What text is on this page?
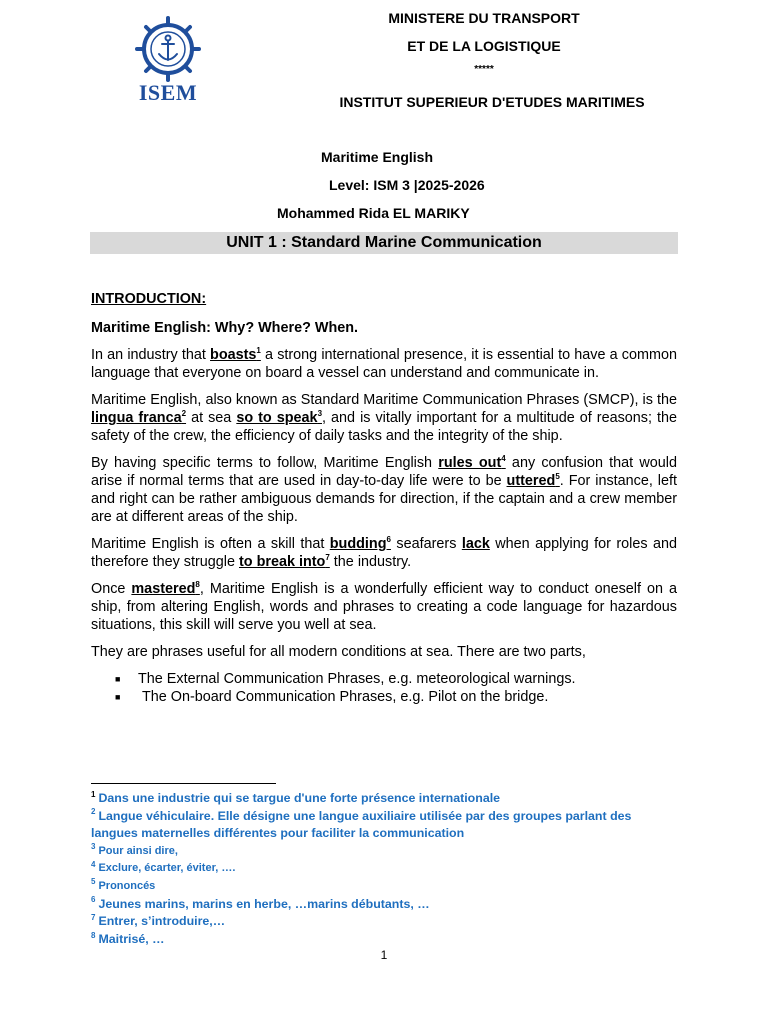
ISEM
MINISTERE DU TRANSPORT
ET DE LA LOGISTIQUE
*****
INSTITUT SUPERIEUR D'ETUDES MARITIMES
Maritime English
Level: ISM 3 |2025-2026
Mohammed Rida EL MARIKY
UNIT 1 : Standard Marine Communication

INTRODUCTION:

Maritime English: Why? Where? When.

In an industry that boasts$^1$ a strong international presence, it is essential to have a common language that everyone on board a vessel can understand and communicate in.

Maritime English, also known as Standard Maritime Communication Phrases (SMCP), is the lingua franca$^2$ at sea so to speak$^3$, and is vitally important for a multitude of reasons; the safety of the crew, the efficiency of daily tasks and the integrity of the ship.

By having specific terms to follow, Maritime English rules out$^4$ any confusion that would arise if normal terms that are used in day-to-day life were to be uttered$^5$. For instance, left and right can be rather ambiguous demands for direction, if the captain and a crew member are at different areas of the ship.

Maritime English is often a skill that budding$^6$ seafarers lack when applying for roles and therefore they struggle to break into$^7$ the industry.

Once mastered$^8$, Maritime English is a wonderfully efficient way to conduct oneself on a ship, from altering English, words and phrases to creating a code language for hazardous situations, this skill will serve you well at sea.

They are phrases useful for all modern conditions at sea. There are two parts,

■ The External Communication Phrases, e.g. meteorological warnings.
■ The On-board Communication Phrases, e.g. Pilot on the bridge.

$^1$ Dans une industrie qui se targue d'une forte présence internationale

$^2$ Langue véhiculaire. Elle désigne une langue auxiliaire utilisée par des groupes parlant des langues maternelles différentes pour faciliter la communication

$^3$ Pour ainsi dire,

$^4$ Exclure, écarter, éviter, ….

$^5$ Prononcés

$^6$ Jeunes marins, marins en herbe, …marins débutants, …

$^7$ Entrer, s’introduire,…

$^8$ Maitrisé, …

1
